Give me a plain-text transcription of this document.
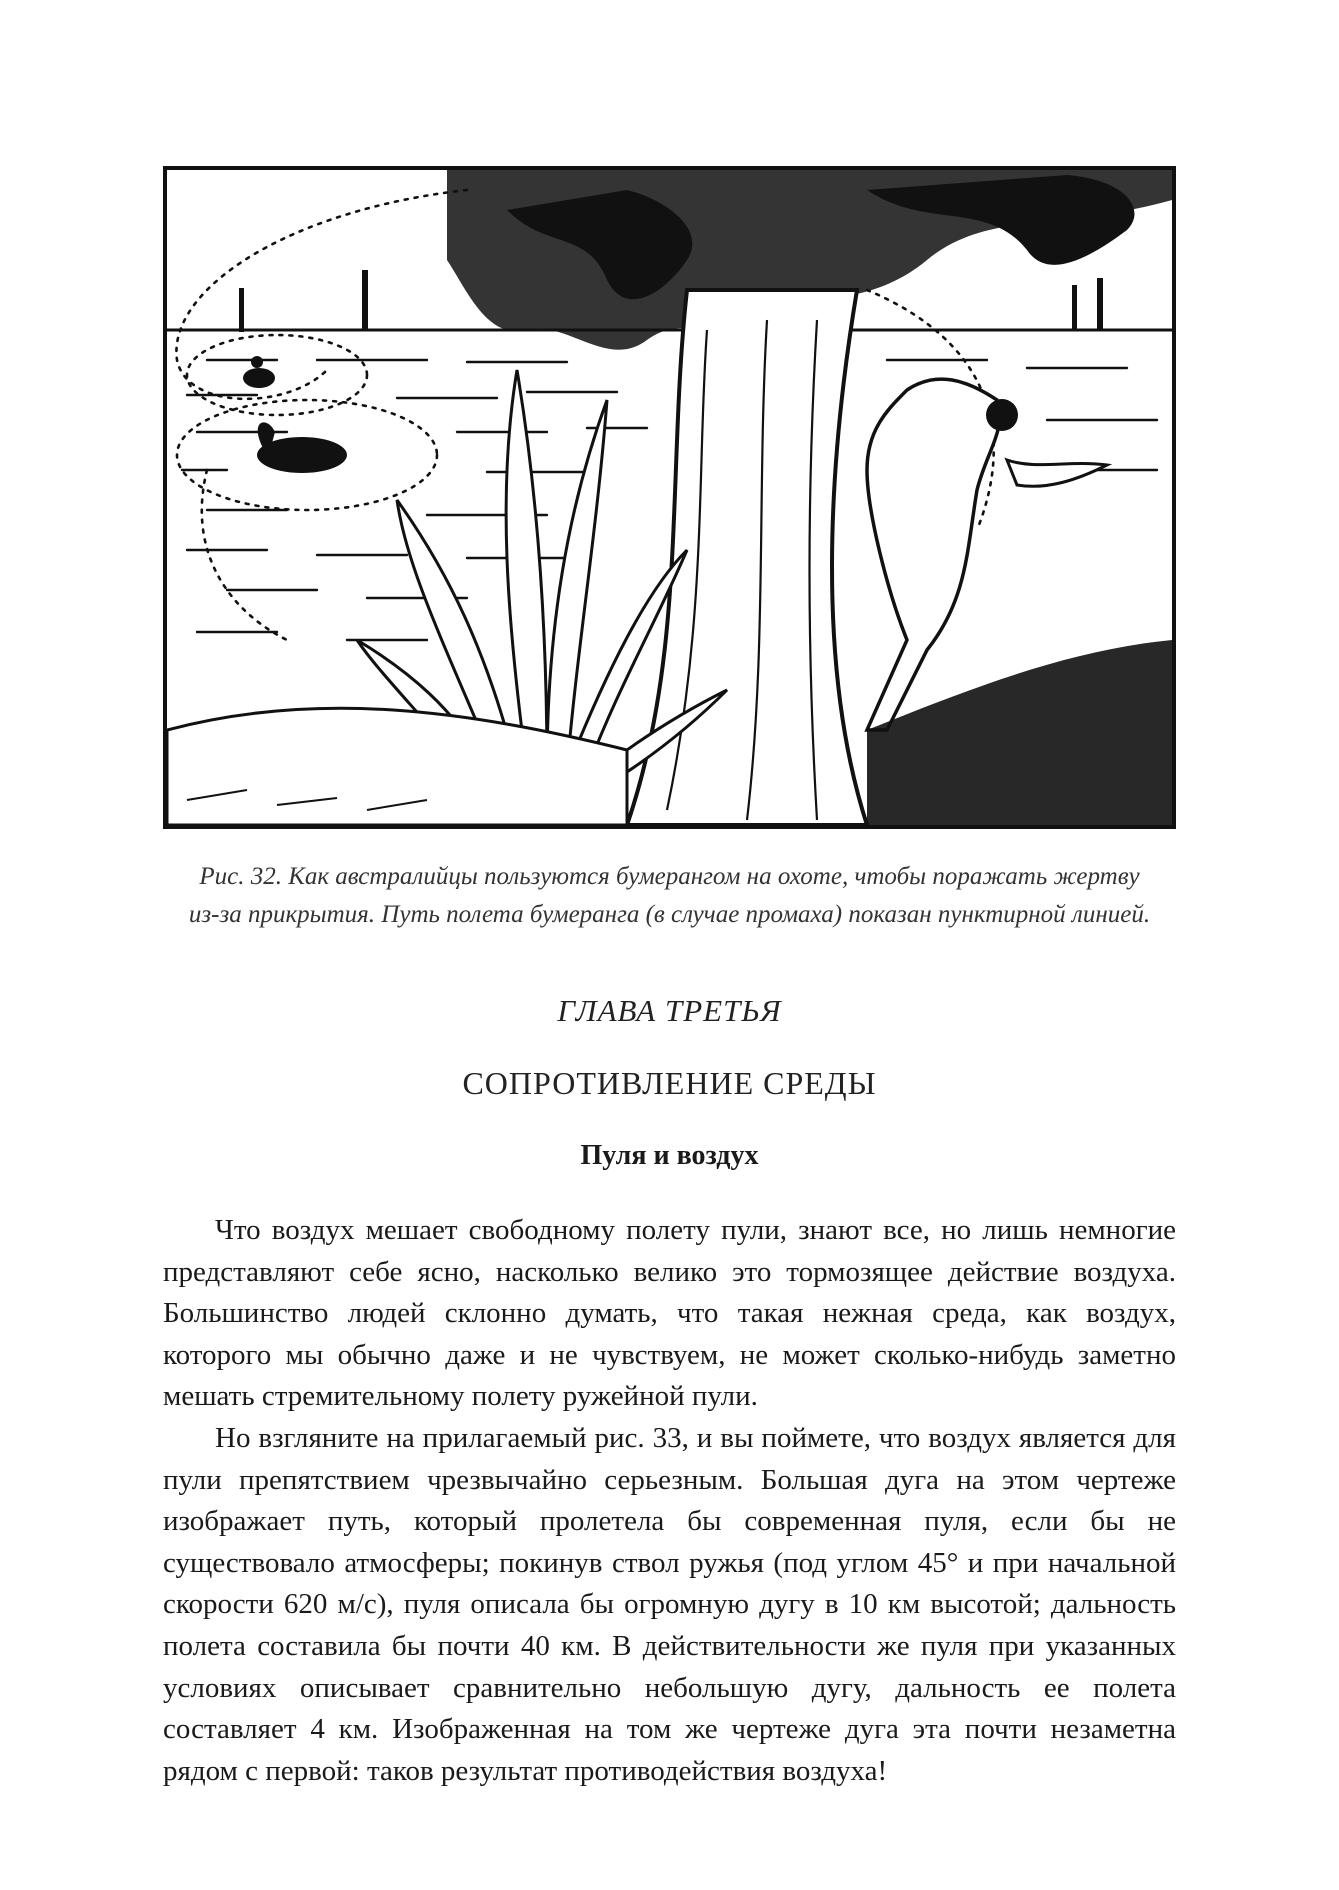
Рис. 32. Как австралийцы пользуются бумерангом на охоте, чтобы поражать жертву
из-за прикрытия. Путь полета бумеранга (в случае промаха) показан пунктирной линией.
ГЛАВА ТРЕТЬЯ
СОПРОТИВЛЕНИЕ СРЕДЫ
Пуля и воздух

Что воздух мешает свободному полету пули, знают все, но лишь немногие представляют себе ясно, насколько велико это тормозящее действие воздуха. Большинство людей склонно думать, что такая нежная среда, как воздух, которого мы обычно даже и не чувствуем, не может сколько-нибудь заметно мешать стремительному полету ружейной пули.

Но взгляните на прилагаемый рис. 33, и вы поймете, что воздух является для пули препятствием чрезвычайно серьезным. Большая дуга на этом чертеже изображает путь, который пролетела бы современная пуля, если бы не существовало атмосферы; покинув ствол ружья (под углом 45° и при начальной скорости 620 м/с), пуля описала бы огромную дугу в 10 км высотой; дальность полета составила бы почти 40 км. В действительности же пуля при указанных условиях описывает сравнительно небольшую дугу, дальность ее полета составляет 4 км. Изображенная на том же чертеже дуга эта почти незаметна рядом с первой: таков результат противодействия воздуха!
